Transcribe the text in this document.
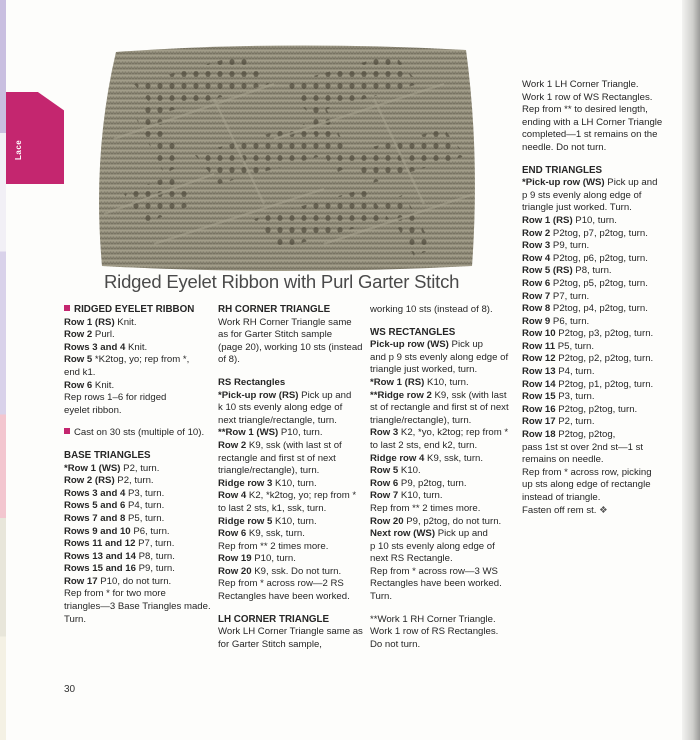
Lace
Ridged Eyelet Ribbon with Purl Garter Stitch
RIDGED EYELET RIBBON
Row 1 (RS) Knit.
Row 2 Purl.
Rows 3 and 4 Knit.
Row 5 *K2tog, yo; rep from *,
end k1.
Row 6 Knit.
Rep rows 1–6 for ridged
eyelet ribbon.
Cast on 30 sts (multiple of 10).
BASE TRIANGLES
*Row 1 (WS) P2, turn.
Row 2 (RS) P2, turn.
Rows 3 and 4 P3, turn.
Rows 5 and 6 P4, turn.
Rows 7 and 8 P5, turn.
Rows 9 and 10 P6, turn.
Rows 11 and 12 P7, turn.
Rows 13 and 14 P8, turn.
Rows 15 and 16 P9, turn.
Row 17 P10, do not turn.
Rep from * for two more
triangles—3 Base Triangles made.
Turn.
RH CORNER TRIANGLE
Work RH Corner Triangle same
as for Garter Stitch sample
(page 20), working 10 sts (instead
of 8).
RS Rectangles
*Pick-up row (RS) Pick up and
k 10 sts evenly along edge of
next triangle/rectangle, turn.
**Row 1 (WS) P10, turn.
Row 2 K9, ssk (with last st of
rectangle and first st of next
triangle/rectangle), turn.
Ridge row 3 K10, turn.
Row 4 K2, *k2tog, yo; rep from *
to last 2 sts, k1, ssk, turn.
Ridge row 5 K10, turn.
Row 6 K9, ssk, turn.
Rep from ** 2 times more.
Row 19 P10, turn.
Row 20 K9, ssk. Do not turn.
Rep from * across row—2 RS
Rectangles have been worked.
LH CORNER TRIANGLE
Work LH Corner Triangle same as
for Garter Stitch sample,
working 10 sts (instead of 8).
WS RECTANGLES
Pick-up row (WS) Pick up
and p 9 sts evenly along edge of
triangle just worked, turn.
*Row 1 (RS) K10, turn.
**Ridge row 2 K9, ssk (with last
st of rectangle and first st of next
triangle/rectangle), turn.
Row 3 K2, *yo, k2tog; rep from *
to last 2 sts, end k2, turn.
Ridge row 4 K9, ssk, turn.
Row 5 K10.
Row 6 P9, p2tog, turn.
Row 7 K10, turn.
Rep from ** 2 times more.
Row 20 P9, p2tog, do not turn.
Next row (WS) Pick up and
p 10 sts evenly along edge of
next RS Rectangle.
Rep from * across row—3 WS
Rectangles have been worked.
Turn.
**Work 1 RH Corner Triangle.
Work 1 row of RS Rectangles.
Do not turn.
Work 1 LH Corner Triangle.
Work 1 row of WS Rectangles.
Rep from ** to desired length,
ending with a LH Corner Triangle
completed—1 st remains on the
needle. Do not turn.
END TRIANGLES
*Pick-up row (WS) Pick up and
p 9 sts evenly along edge of
triangle just worked. Turn.
Row 1 (RS) P10, turn.
Row 2 P2tog, p7, p2tog, turn.
Row 3 P9, turn.
Row 4 P2tog, p6, p2tog, turn.
Row 5 (RS) P8, turn.
Row 6 P2tog, p5, p2tog, turn.
Row 7 P7, turn.
Row 8 P2tog, p4, p2tog, turn.
Row 9 P6, turn.
Row 10 P2tog, p3, p2tog, turn.
Row 11 P5, turn.
Row 12 P2tog, p2, p2tog, turn.
Row 13 P4, turn.
Row 14 P2tog, p1, p2tog, turn.
Row 15 P3, turn.
Row 16 P2tog, p2tog, turn.
Row 17 P2, turn.
Row 18 P2tog, p2tog,
pass 1st st over 2nd st—1 st
remains on needle.
Rep from * across row, picking
up sts along edge of rectangle
instead of triangle.
Fasten off rem st. ❖
30
